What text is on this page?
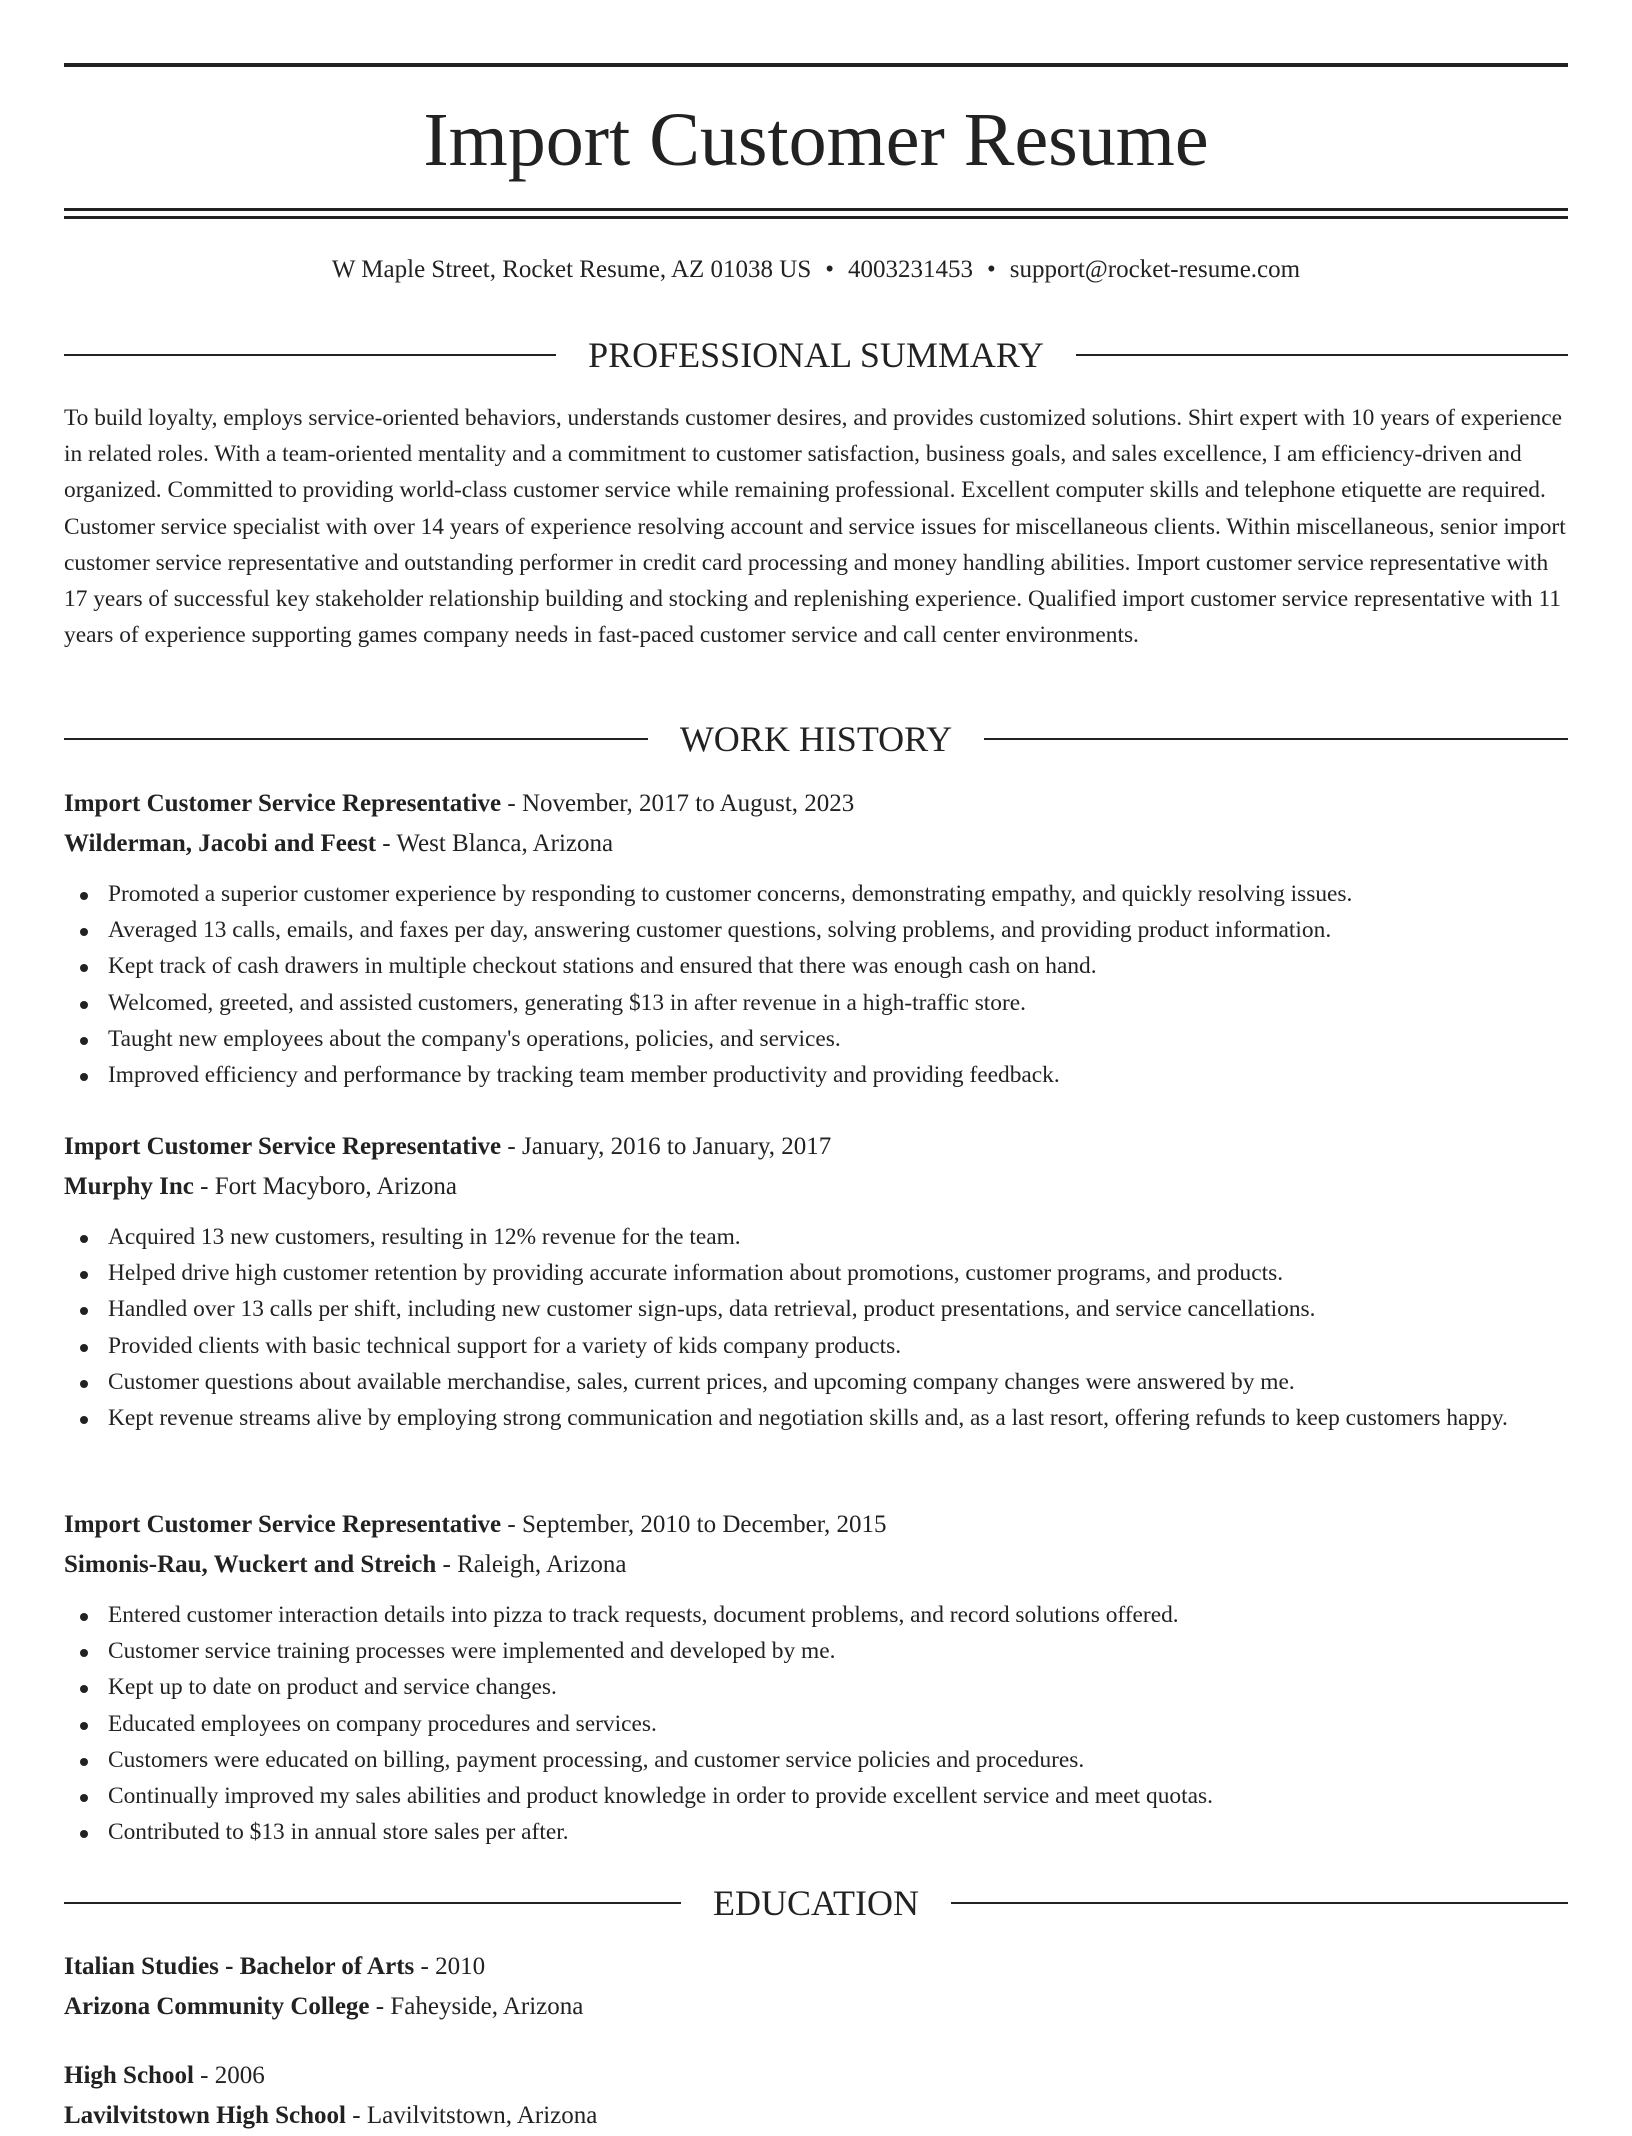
Import Customer Resume
W Maple Street, Rocket Resume, AZ 01038 US • 4003231453 • support@rocket-resume.com
PROFESSIONAL SUMMARY

To build loyalty, employs service-oriented behaviors, understands customer desires, and provides customized solutions. Shirt expert with 10 years of experience in related roles. With a team-oriented mentality and a commitment to customer satisfaction, business goals, and sales excellence, I am efficiency-driven and organized. Committed to providing world-class customer service while remaining professional. Excellent computer skills and telephone etiquette are required. Customer service specialist with over 14 years of experience resolving account and service issues for miscellaneous clients. Within miscellaneous, senior import customer service representative and outstanding performer in credit card processing and money handling abilities. Import customer service representative with 17 years of successful key stakeholder relationship building and stocking and replenishing experience. Qualified import customer service representative with 11 years of experience supporting games company needs in fast-paced customer service and call center environments.

WORK HISTORY
Import Customer Service Representative - November, 2017 to August, 2023
Wilderman, Jacobi and Feest - West Blanca, Arizona
Promoted a superior customer experience by responding to customer concerns, demonstrating empathy, and quickly resolving issues.
Averaged 13 calls, emails, and faxes per day, answering customer questions, solving problems, and providing product information.
Kept track of cash drawers in multiple checkout stations and ensured that there was enough cash on hand.
Welcomed, greeted, and assisted customers, generating $13 in after revenue in a high-traffic store.
Taught new employees about the company's operations, policies, and services.
Improved efficiency and performance by tracking team member productivity and providing feedback.
Import Customer Service Representative - January, 2016 to January, 2017
Murphy Inc - Fort Macyboro, Arizona
Acquired 13 new customers, resulting in 12% revenue for the team.
Helped drive high customer retention by providing accurate information about promotions, customer programs, and products.
Handled over 13 calls per shift, including new customer sign-ups, data retrieval, product presentations, and service cancellations.
Provided clients with basic technical support for a variety of kids company products.
Customer questions about available merchandise, sales, current prices, and upcoming company changes were answered by me.
Kept revenue streams alive by employing strong communication and negotiation skills and, as a last resort, offering refunds to keep customers happy.
Import Customer Service Representative - September, 2010 to December, 2015
Simonis-Rau, Wuckert and Streich - Raleigh, Arizona
Entered customer interaction details into pizza to track requests, document problems, and record solutions offered.
Customer service training processes were implemented and developed by me.
Kept up to date on product and service changes.
Educated employees on company procedures and services.
Customers were educated on billing, payment processing, and customer service policies and procedures.
Continually improved my sales abilities and product knowledge in order to provide excellent service and meet quotas.
Contributed to $13 in annual store sales per after.
EDUCATION
Italian Studies - Bachelor of Arts - 2010
Arizona Community College - Faheyside, Arizona
High School - 2006
Lavilvitstown High School - Lavilvitstown, Arizona
